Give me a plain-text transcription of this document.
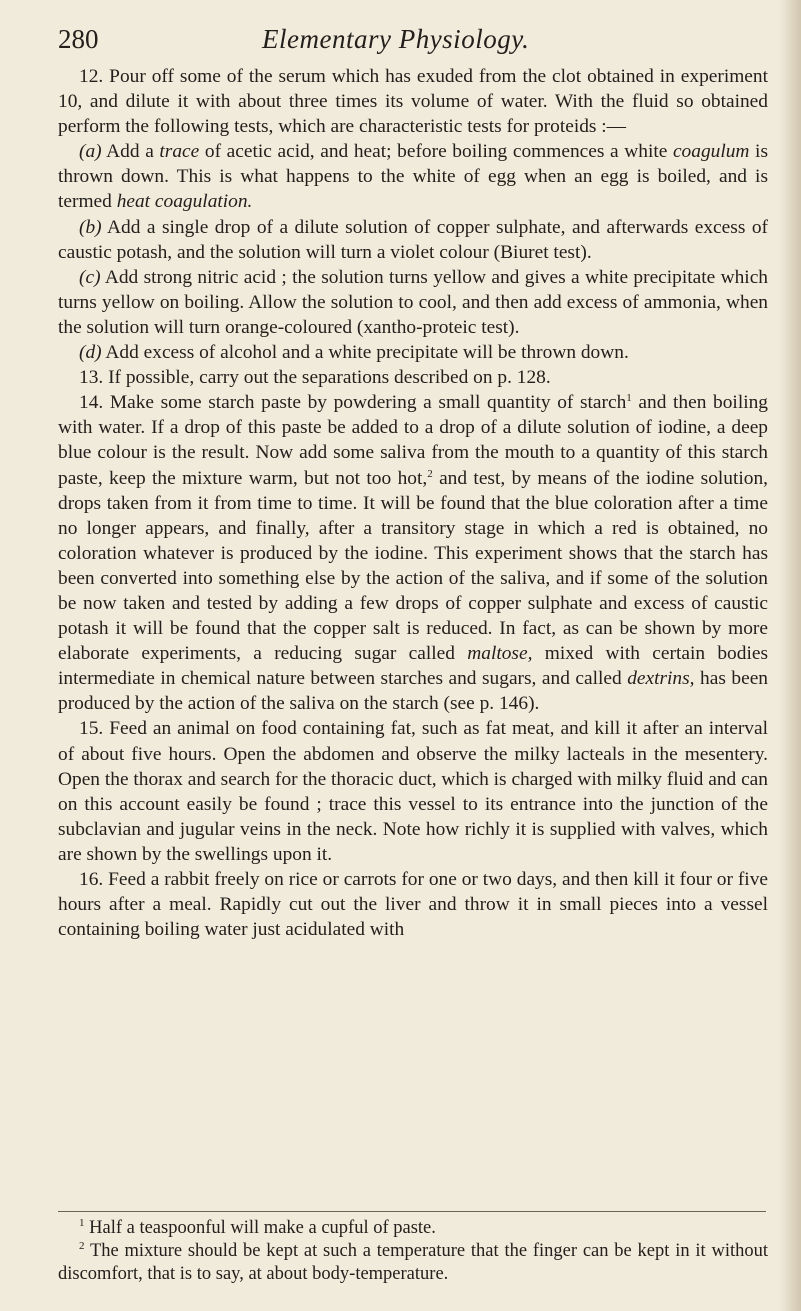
280	Elementary Physiology.

12. Pour off some of the serum which has exuded from the clot obtained in experiment 10, and dilute it with about three times its volume of water. With the fluid so obtained perform the following tests, which are characteristic tests for proteids :—

(a) Add a trace of acetic acid, and heat; before boiling commences a white coagulum is thrown down. This is what happens to the white of egg when an egg is boiled, and is termed heat coagulation.

(b) Add a single drop of a dilute solution of copper sulphate, and afterwards excess of caustic potash, and the solution will turn a violet colour (Biuret test).

(c) Add strong nitric acid ; the solution turns yellow and gives a white precipitate which turns yellow on boiling. Allow the solution to cool, and then add excess of ammonia, when the solution will turn orange-coloured (xantho-proteic test).

(d) Add excess of alcohol and a white precipitate will be thrown down.

13. If possible, carry out the separations described on p. 128.

14. Make some starch paste by powdering a small quantity of starch$^1$ and then boiling with water. If a drop of this paste be added to a drop of a dilute solution of iodine, a deep blue colour is the result. Now add some saliva from the mouth to a quantity of this starch paste, keep the mixture warm, but not too hot,$^2$ and test, by means of the iodine solution, drops taken from it from time to time. It will be found that the blue coloration after a time no longer appears, and finally, after a transitory stage in which a red is obtained, no coloration whatever is produced by the iodine. This experiment shows that the starch has been converted into something else by the action of the saliva, and if some of the solution be now taken and tested by adding a few drops of copper sulphate and excess of caustic potash it will be found that the copper salt is reduced. In fact, as can be shown by more elaborate experiments, a reducing sugar called maltose, mixed with certain bodies intermediate in chemical nature between starches and sugars, and called dextrins, has been produced by the action of the saliva on the starch (see p. 146).

15. Feed an animal on food containing fat, such as fat meat, and kill it after an interval of about five hours. Open the abdomen and observe the milky lacteals in the mesentery. Open the thorax and search for the thoracic duct, which is charged with milky fluid and can on this account easily be found ; trace this vessel to its entrance into the junction of the subclavian and jugular veins in the neck. Note how richly it is supplied with valves, which are shown by the swellings upon it.

16. Feed a rabbit freely on rice or carrots for one or two days, and then kill it four or five hours after a meal. Rapidly cut out the liver and throw it in small pieces into a vessel containing boiling water just acidulated with

$^1$ Half a teaspoonful will make a cupful of paste.

$^2$ The mixture should be kept at such a temperature that the finger can be kept in it without discomfort, that is to say, at about body-temperature.
